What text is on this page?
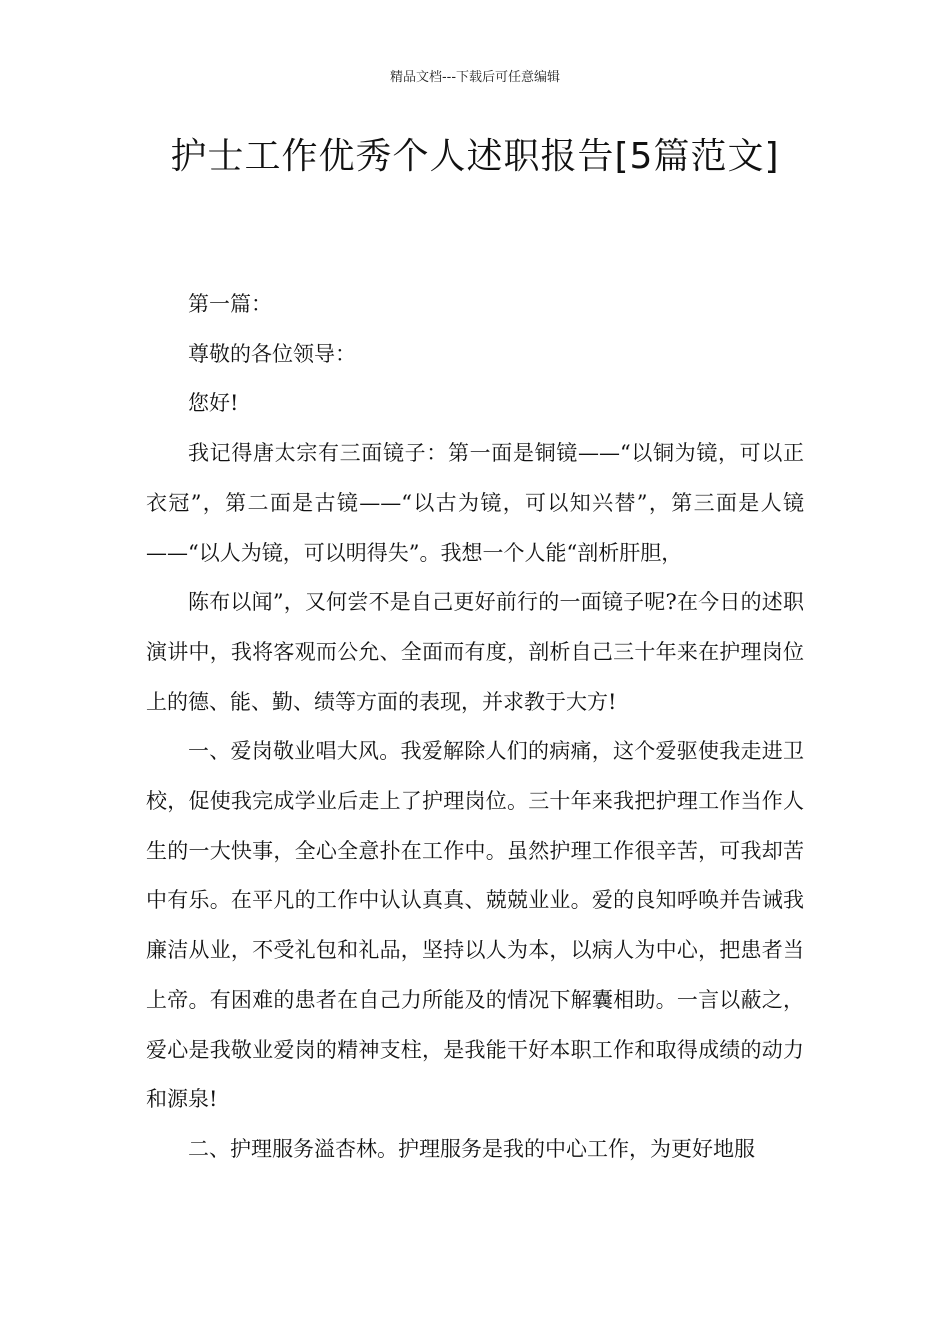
精品文档---下载后可任意编辑
护士工作优秀个人述职报告[5篇范文]

第一篇：

尊敬的各位领导：

您好!

我记得唐太宗有三面镜子：第一面是铜镜——“以铜为镜，可以正衣冠”，第二面是古镜——“以古为镜，可以知兴替”，第三面是人镜——“以人为镜，可以明得失”。我想一个人能“剖析肝胆，

陈布以闻”，又何尝不是自己更好前行的一面镜子呢?在今日的述职演讲中，我将客观而公允、全面而有度，剖析自己三十年来在护理岗位上的德、能、勤、绩等方面的表现，并求教于大方!

一、爱岗敬业唱大风。我爱解除人们的病痛，这个爱驱使我走进卫校，促使我完成学业后走上了护理岗位。三十年来我把护理工作当作人生的一大快事，全心全意扑在工作中。虽然护理工作很辛苦，可我却苦中有乐。在平凡的工作中认认真真、兢兢业业。爱的良知呼唤并告诫我廉洁从业，不受礼包和礼品，坚持以人为本，以病人为中心，把患者当上帝。有困难的患者在自己力所能及的情况下解囊相助。一言以蔽之，爱心是我敬业爱岗的精神支柱，是我能干好本职工作和取得成绩的动力和源泉!

二、护理服务溢杏林。护理服务是我的中心工作，为更好地服
